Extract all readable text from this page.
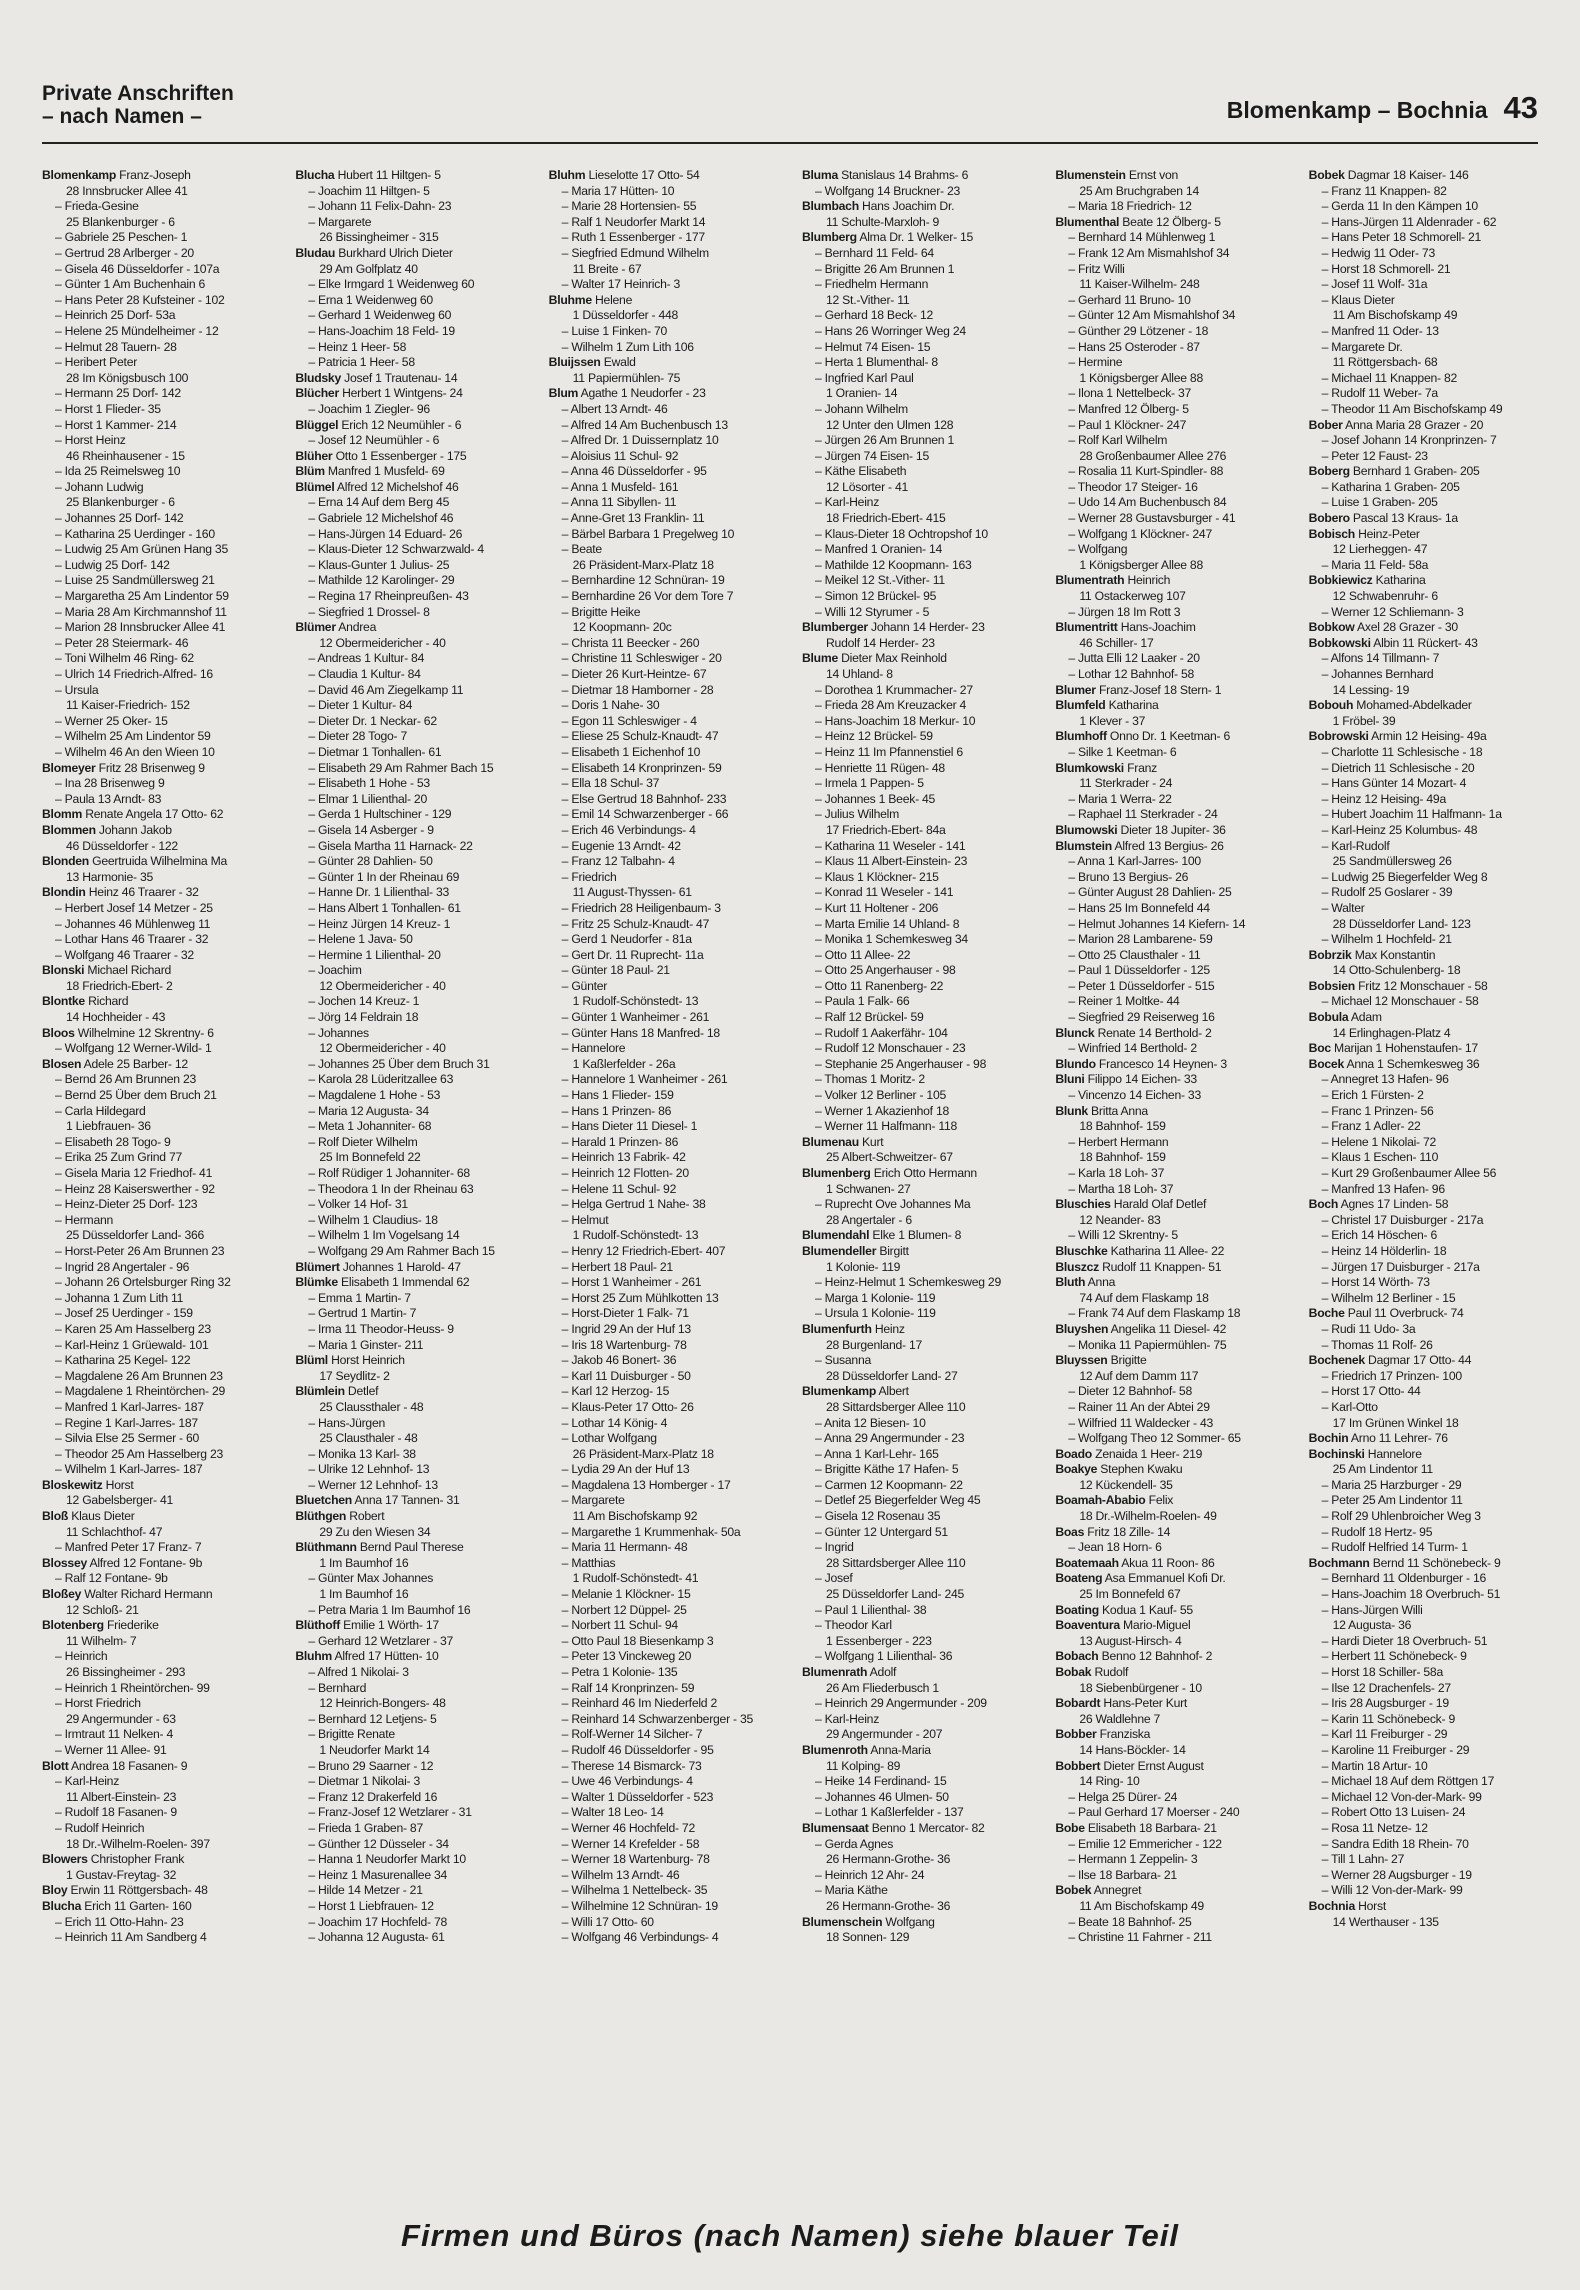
Private Anschriften
– nach Namen –	Blomenkamp – Bochnia 43
Blomenkamp Franz-Joseph
28 Innsbrucker Allee 41
– Frieda-Gesine
25 Blankenburger - 6
– Gabriele 25 Peschen- 1
– Gertrud 28 Arlberger - 20
– Gisela 46 Düsseldorfer - 107a
– Günter 1 Am Buchenhain 6
– Hans Peter 28 Kufsteiner - 102
– Heinrich 25 Dorf- 53a
– Helene 25 Mündelheimer - 12
– Helmut 28 Tauern- 28
– Heribert Peter
28 Im Königsbusch 100
– Hermann 25 Dorf- 142
– Horst 1 Flieder- 35
– Horst 1 Kammer- 214
– Horst Heinz
46 Rheinhausener - 15
– Ida 25 Reimelsweg 10
– Johann Ludwig
25 Blankenburger - 6
– Johannes 25 Dorf- 142
– Katharina 25 Uerdinger - 160
– Ludwig 25 Am Grünen Hang 35
– Ludwig 25 Dorf- 142
– Luise 25 Sandmüllersweg 21
– Margaretha 25 Am Lindentor 59
– Maria 28 Am Kirchmannshof 11
– Marion 28 Innsbrucker Allee 41
– Peter 28 Steiermark- 46
– Toni Wilhelm 46 Ring- 62
– Ulrich 14 Friedrich-Alfred- 16
– Ursula
11 Kaiser-Friedrich- 152
– Werner 25 Oker- 15
– Wilhelm 25 Am Lindentor 59
– Wilhelm 46 An den Wieen 10
Blomeyer Fritz 28 Brisenweg 9
– Ina 28 Brisenweg 9
– Paula 13 Arndt- 83
Blomm Renate Angela 17 Otto- 62
Blommen Johann Jakob
46 Düsseldorfer - 122
Blonden Geertruida Wilhelmina Ma
13 Harmonie- 35
Blondin Heinz 46 Traarer - 32
– Herbert Josef 14 Metzer - 25
– Johannes 46 Mühlenweg 11
– Lothar Hans 46 Traarer - 32
– Wolfgang 46 Traarer - 32
Blonski Michael Richard
18 Friedrich-Ebert- 2
Blontke Richard
14 Hochheider - 43
Bloos Wilhelmine 12 Skrentny- 6
– Wolfgang 12 Werner-Wild- 1
Blosen Adele 25 Barber- 12
– Bernd 26 Am Brunnen 23
– Bernd 25 Über dem Bruch 21
– Carla Hildegard
1 Liebfrauen- 36
– Elisabeth 28 Togo- 9
– Erika 25 Zum Grind 77
– Gisela Maria 12 Friedhof- 41
– Heinz 28 Kaiserswerther - 92
– Heinz-Dieter 25 Dorf- 123
– Hermann
25 Düsseldorfer Land- 366
– Horst-Peter 26 Am Brunnen 23
– Ingrid 28 Angertaler - 96
– Johann 26 Ortelsburger Ring 32
– Johanna 1 Zum Lith 11
– Josef 25 Uerdinger - 159
– Karen 25 Am Hasselberg 23
– Karl-Heinz 1 Grüewald- 101
– Katharina 25 Kegel- 122
– Magdalene 26 Am Brunnen 23
– Magdalene 1 Rheintörchen- 29
– Manfred 1 Karl-Jarres- 187
– Regine 1 Karl-Jarres- 187
– Silvia Else 25 Sermer - 60
– Theodor 25 Am Hasselberg 23
– Wilhelm 1 Karl-Jarres- 187
Bloskewitz Horst
12 Gabelsberger- 41
Bloß Klaus Dieter
11 Schlachthof- 47
– Manfred Peter 17 Franz- 7
Blossey Alfred 12 Fontane- 9b
– Ralf 12 Fontane- 9b
Bloßey Walter Richard Hermann
12 Schloß- 21
Blotenberg Friederike
11 Wilhelm- 7
– Heinrich
26 Bissingheimer - 293
– Heinrich 1 Rheintörchen- 99
– Horst Friedrich
29 Angermunder - 63
– Irmtraut 11 Nelken- 4
– Werner 11 Allee- 91
Blott Andrea 18 Fasanen- 9
– Karl-Heinz
11 Albert-Einstein- 23
– Rudolf 18 Fasanen- 9
– Rudolf Heinrich
18 Dr.-Wilhelm-Roelen- 397
Blowers Christopher Frank
1 Gustav-Freytag- 32
Bloy Erwin 11 Röttgersbach- 48
Blucha Erich 11 Garten- 160
– Erich 11 Otto-Hahn- 23
– Heinrich 11 Am Sandberg 4
Blucha Hubert 11 Hiltgen- 5
– Joachim 11 Hiltgen- 5
– Johann 11 Felix-Dahn- 23
– Margarete
26 Bissingheimer - 315
Bludau Burkhard Ulrich Dieter
29 Am Golfplatz 40
– Elke Irmgard 1 Weidenweg 60
– Erna 1 Weidenweg 60
– Gerhard 1 Weidenweg 60
– Hans-Joachim 18 Feld- 19
– Heinz 1 Heer- 58
– Patricia 1 Heer- 58
Bludsky Josef 1 Trautenau- 14
Blücher Herbert 1 Wintgens- 24
– Joachim 1 Ziegler- 96
Blüggel Erich 12 Neumühler - 6
– Josef 12 Neumühler - 6
Blüher Otto 1 Essenberger - 175
Blüm Manfred 1 Musfeld- 69
Blümel Alfred 12 Michelshof 46
– Erna 14 Auf dem Berg 45
– Gabriele 12 Michelshof 46
– Hans-Jürgen 14 Eduard- 26
– Klaus-Dieter 12 Schwarzwald- 4
– Klaus-Gunter 1 Julius- 25
– Mathilde 12 Karolinger- 29
– Regina 17 Rheinpreußen- 43
– Siegfried 1 Drossel- 8
Blümer Andrea
12 Obermeidericher - 40
– Andreas 1 Kultur- 84
– Claudia 1 Kultur- 84
– David 46 Am Ziegelkamp 11
– Dieter 1 Kultur- 84
– Dieter Dr. 1 Neckar- 62
– Dieter 28 Togo- 7
– Dietmar 1 Tonhallen- 61
– Elisabeth 29 Am Rahmer Bach 15
– Elisabeth 1 Hohe - 53
– Elmar 1 Lilienthal- 20
– Gerda 1 Hultschiner - 129
– Gisela 14 Asberger - 9
– Gisela Martha 11 Harnack- 22
– Günter 28 Dahlien- 50
– Günter 1 In der Rheinau 69
– Hanne Dr. 1 Lilienthal- 33
– Hans Albert 1 Tonhallen- 61
– Heinz Jürgen 14 Kreuz- 1
– Helene 1 Java- 50
– Hermine 1 Lilienthal- 20
– Joachim
12 Obermeidericher - 40
– Jochen 14 Kreuz- 1
– Jörg 14 Feldrain 18
– Johannes
12 Obermeidericher - 40
– Johannes 25 Über dem Bruch 31
– Karola 28 Lüderitzallee 63
– Magdalene 1 Hohe - 53
– Maria 12 Augusta- 34
– Meta 1 Johanniter- 68
– Rolf Dieter Wilhelm
25 Im Bonnefeld 22
– Rolf Rüdiger 1 Johanniter- 68
– Theodora 1 In der Rheinau 63
– Volker 14 Hof- 31
– Wilhelm 1 Claudius- 18
– Wilhelm 1 Im Vogelsang 14
– Wolfgang 29 Am Rahmer Bach 15
Blümert Johannes 1 Harold- 47
Blümke Elisabeth 1 Immendal 62
– Emma 1 Martin- 7
– Gertrud 1 Martin- 7
– Irma 11 Theodor-Heuss- 9
– Maria 1 Ginster- 211
Blüml Horst Heinrich
17 Seydlitz- 2
Blümlein Detlef
25 Claussthaler - 48
– Hans-Jürgen
25 Clausthaler - 48
– Monika 13 Karl- 38
– Ulrike 12 Lehnhof- 13
– Werner 12 Lehnhof- 13
Bluetchen Anna 17 Tannen- 31
Blüthgen Robert
29 Zu den Wiesen 34
Blüthmann Bernd Paul Therese
1 Im Baumhof 16
– Günter Max Johannes
1 Im Baumhof 16
– Petra Maria 1 Im Baumhof 16
Blüthoff Emilie 1 Wörth- 17
– Gerhard 12 Wetzlarer - 37
Bluhm Alfred 17 Hütten- 10
– Alfred 1 Nikolai- 3
– Bernhard
12 Heinrich-Bongers- 48
– Bernhard 12 Letjens- 5
– Brigitte Renate
1 Neudorfer Markt 14
– Bruno 29 Saarner - 12
– Dietmar 1 Nikolai- 3
– Franz 12 Drakerfeld 16
– Franz-Josef 12 Wetzlarer - 31
– Frieda 1 Graben- 87
– Günther 12 Düsseler - 34
– Hanna 1 Neudorfer Markt 10
– Heinz 1 Masurenallee 34
– Hilde 14 Metzer - 21
– Horst 1 Liebfrauen- 12
– Joachim 17 Hochfeld- 78
– Johanna 12 Augusta- 61
Bluhm Lieselotte 17 Otto- 54
– Maria 17 Hütten- 10
– Marie 28 Hortensien- 55
– Ralf 1 Neudorfer Markt 14
– Ruth 1 Essenberger - 177
– Siegfried Edmund Wilhelm
11 Breite - 67
– Walter 17 Heinrich- 3
Bluhme Helene
1 Düsseldorfer - 448
– Luise 1 Finken- 70
– Wilhelm 1 Zum Lith 106
Bluijssen Ewald
11 Papiermühlen- 75
Blum Agathe 1 Neudorfer - 23
– Albert 13 Arndt- 46
– Alfred 14 Am Buchenbusch 13
– Alfred Dr. 1 Duissernplatz 10
– Aloisius 11 Schul- 92
– Anna 46 Düsseldorfer - 95
– Anna 1 Musfeld- 161
– Anna 11 Sibyllen- 11
– Anne-Gret 13 Franklin- 11
– Bärbel Barbara 1 Pregelweg 10
– Beate
26 Präsident-Marx-Platz 18
– Bernhardine 12 Schnüran- 19
– Bernhardine 26 Vor dem Tore 7
– Brigitte Heike
12 Koopmann- 20c
– Christa 11 Beecker - 260
– Christine 11 Schleswiger - 20
– Dieter 26 Kurt-Heintze- 67
– Dietmar 18 Hamborner - 28
– Doris 1 Nahe- 30
– Egon 11 Schleswiger - 4
– Eliese 25 Schulz-Knaudt- 47
– Elisabeth 1 Eichenhof 10
– Elisabeth 14 Kronprinzen- 59
– Ella 18 Schul- 37
– Else Gertrud 18 Bahnhof- 233
– Emil 14 Schwarzenberger - 66
– Erich 46 Verbindungs- 4
– Eugenie 13 Arndt- 42
– Franz 12 Talbahn- 4
– Friedrich
11 August-Thyssen- 61
– Friedrich 28 Heiligenbaum- 3
– Fritz 25 Schulz-Knaudt- 47
– Gerd 1 Neudorfer - 81a
– Gert Dr. 11 Ruprecht- 11a
– Günter 18 Paul- 21
– Günter
1 Rudolf-Schönstedt- 13
– Günter 1 Wanheimer - 261
– Günter Hans 18 Manfred- 18
– Hannelore
1 Kaßlerfelder - 26a
– Hannelore 1 Wanheimer - 261
– Hans 1 Flieder- 159
– Hans 1 Prinzen- 86
– Hans Dieter 11 Diesel- 1
– Harald 1 Prinzen- 86
– Heinrich 13 Fabrik- 42
– Heinrich 12 Flotten- 20
– Helene 11 Schul- 92
– Helga Gertrud 1 Nahe- 38
– Helmut
1 Rudolf-Schönstedt- 13
– Henry 12 Friedrich-Ebert- 407
– Herbert 18 Paul- 21
– Horst 1 Wanheimer - 261
– Horst 25 Zum Mühlkotten 13
– Horst-Dieter 1 Falk- 71
– Ingrid 29 An der Huf 13
– Iris 18 Wartenburg- 78
– Jakob 46 Bonert- 36
– Karl 11 Duisburger - 50
– Karl 12 Herzog- 15
– Klaus-Peter 17 Otto- 26
– Lothar 14 König- 4
– Lothar Wolfgang
26 Präsident-Marx-Platz 18
– Lydia 29 An der Huf 13
– Magdalena 13 Homberger - 17
– Margarete
11 Am Bischofskamp 92
– Margarethe 1 Krummenhak- 50a
– Maria 11 Hermann- 48
– Matthias
1 Rudolf-Schönstedt- 41
– Melanie 1 Klöckner- 15
– Norbert 12 Düppel- 25
– Norbert 11 Schul- 94
– Otto Paul 18 Biesenkamp 3
– Peter 13 Vinckeweg 20
– Petra 1 Kolonie- 135
– Ralf 14 Kronprinzen- 59
– Reinhard 46 Im Niederfeld 2
– Reinhard 14 Schwarzenberger - 35
– Rolf-Werner 14 Silcher- 7
– Rudolf 46 Düsseldorfer - 95
– Therese 14 Bismarck- 73
– Uwe 46 Verbindungs- 4
– Walter 1 Düsseldorfer - 523
– Walter 18 Leo- 14
– Werner 46 Hochfeld- 72
– Werner 14 Krefelder - 58
– Werner 18 Wartenburg- 78
– Wilhelm 13 Arndt- 46
– Wilhelma 1 Nettelbeck- 35
– Wilhelmine 12 Schnüran- 19
– Willi 17 Otto- 60
– Wolfgang 46 Verbindungs- 4
Bluma Stanislaus 14 Brahms- 6
– Wolfgang 14 Bruckner- 23
Blumbach Hans Joachim Dr.
11 Schulte-Marxloh- 9
Blumberg Alma Dr. 1 Welker- 15
– Bernhard 11 Feld- 64
– Brigitte 26 Am Brunnen 1
– Friedhelm Hermann
12 St.-Vither- 11
– Gerhard 18 Beck- 12
– Hans 26 Worringer Weg 24
– Helmut 74 Eisen- 15
– Herta 1 Blumenthal- 8
– Ingfried Karl Paul
1 Oranien- 14
– Johann Wilhelm
12 Unter den Ulmen 128
– Jürgen 26 Am Brunnen 1
– Jürgen 74 Eisen- 15
– Käthe Elisabeth
12 Lösorter - 41
– Karl-Heinz
18 Friedrich-Ebert- 415
– Klaus-Dieter 18 Ochtropshof 10
– Manfred 1 Oranien- 14
– Mathilde 12 Koopmann- 163
– Meikel 12 St.-Vither- 11
– Simon 12 Brückel- 95
– Willi 12 Styrumer - 5
Blumberger Johann 14 Herder- 23
Rudolf 14 Herder- 23
Blume Dieter Max Reinhold
14 Uhland- 8
– Dorothea 1 Krummacher- 27
– Frieda 28 Am Kreuzacker 4
– Hans-Joachim 18 Merkur- 10
– Heinz 12 Brückel- 59
– Heinz 11 Im Pfannenstiel 6
– Henriette 11 Rügen- 48
– Irmela 1 Pappen- 5
– Johannes 1 Beek- 45
– Julius Wilhelm
17 Friedrich-Ebert- 84a
– Katharina 11 Weseler - 141
– Klaus 11 Albert-Einstein- 23
– Klaus 1 Klöckner- 215
– Konrad 11 Weseler - 141
– Kurt 11 Holtener - 206
– Marta Emilie 14 Uhland- 8
– Monika 1 Schemkesweg 34
– Otto 11 Allee- 22
– Otto 25 Angerhauser - 98
– Otto 11 Ranenberg- 22
– Paula 1 Falk- 66
– Ralf 12 Brückel- 59
– Rudolf 1 Aakerfähr- 104
– Rudolf 12 Monschauer - 23
– Stephanie 25 Angerhauser - 98
– Thomas 1 Moritz- 2
– Volker 12 Berliner - 105
– Werner 1 Akazienhof 18
– Werner 11 Halfmann- 118
Blumenau Kurt
25 Albert-Schweitzer- 67
Blumenberg Erich Otto Hermann
1 Schwanen- 27
– Ruprecht Ove Johannes Ma
28 Angertaler - 6
Blumendahl Elke 1 Blumen- 8
Blumendeller Birgitt
1 Kolonie- 119
– Heinz-Helmut 1 Schemkesweg 29
– Marga 1 Kolonie- 119
– Ursula 1 Kolonie- 119
Blumenfurth Heinz
28 Burgenland- 17
– Susanna
28 Düsseldorfer Land- 27
Blumenkamp Albert
28 Sittardsberger Allee 110
– Anita 12 Biesen- 10
– Anna 29 Angermunder - 23
– Anna 1 Karl-Lehr- 165
– Brigitte Käthe 17 Hafen- 5
– Carmen 12 Koopmann- 22
– Detlef 25 Biegerfelder Weg 45
– Gisela 12 Rosenau 35
– Günter 12 Untergard 51
– Ingrid
28 Sittardsberger Allee 110
– Josef
25 Düsseldorfer Land- 245
– Paul 1 Lilienthal- 38
– Theodor Karl
1 Essenberger - 223
– Wolfgang 1 Lilienthal- 36
Blumenrath Adolf
26 Am Fliederbusch 1
– Heinrich 29 Angermunder - 209
– Karl-Heinz
29 Angermunder - 207
Blumenroth Anna-Maria
11 Kolping- 89
– Heike 14 Ferdinand- 15
– Johannes 46 Ulmen- 50
– Lothar 1 Kaßlerfelder - 137
Blumensaat Benno 1 Mercator- 82
– Gerda Agnes
26 Hermann-Grothe- 36
– Heinrich 12 Ahr- 24
– Maria Käthe
26 Hermann-Grothe- 36
Blumenschein Wolfgang
18 Sonnen- 129
Blumenstein Ernst von
25 Am Bruchgraben 14
– Maria 18 Friedrich- 12
Blumenthal Beate 12 Ölberg- 5
– Bernhard 14 Mühlenweg 1
– Frank 12 Am Mismahlshof 34
– Fritz Willi
11 Kaiser-Wilhelm- 248
– Gerhard 11 Bruno- 10
– Günter 12 Am Mismahlshof 34
– Günther 29 Lötzener - 18
– Hans 25 Osteroder - 87
– Hermine
1 Königsberger Allee 88
– Ilona 1 Nettelbeck- 37
– Manfred 12 Ölberg- 5
– Paul 1 Klöckner- 247
– Rolf Karl Wilhelm
28 Großenbaumer Allee 276
– Rosalia 11 Kurt-Spindler- 88
– Theodor 17 Steiger- 16
– Udo 14 Am Buchenbusch 84
– Werner 28 Gustavsburger - 41
– Wolfgang 1 Klöckner- 247
– Wolfgang
1 Königsberger Allee 88
Blumentrath Heinrich
11 Ostackerweg 107
– Jürgen 18 Im Rott 3
Blumentritt Hans-Joachim
46 Schiller- 17
– Jutta Elli 12 Laaker - 20
– Lothar 12 Bahnhof- 58
Blumer Franz-Josef 18 Stern- 1
Blumfeld Katharina
1 Klever - 37
Blumhoff Onno Dr. 1 Keetman- 6
– Silke 1 Keetman- 6
Blumkowski Franz
11 Sterkrader - 24
– Maria 1 Werra- 22
– Raphael 11 Sterkrader - 24
Blumowski Dieter 18 Jupiter- 36
Blumstein Alfred 13 Bergius- 26
– Anna 1 Karl-Jarres- 100
– Bruno 13 Bergius- 26
– Günter August 28 Dahlien- 25
– Hans 25 Im Bonnefeld 44
– Helmut Johannes 14 Kiefern- 14
– Marion 28 Lambarene- 59
– Otto 25 Clausthaler - 11
– Paul 1 Düsseldorfer - 125
– Peter 1 Düsseldorfer - 515
– Reiner 1 Moltke- 44
– Siegfried 29 Reiserweg 16
Blunck Renate 14 Berthold- 2
– Winfried 14 Berthold- 2
Blundo Francesco 14 Heynen- 3
Bluni Filippo 14 Eichen- 33
– Vincenzo 14 Eichen- 33
Blunk Britta Anna
18 Bahnhof- 159
– Herbert Hermann
18 Bahnhof- 159
– Karla 18 Loh- 37
– Martha 18 Loh- 37
Bluschies Harald Olaf Detlef
12 Neander- 83
– Willi 12 Skrentny- 5
Bluschke Katharina 11 Allee- 22
Bluszcz Rudolf 11 Knappen- 51
Bluth Anna
74 Auf dem Flaskamp 18
– Frank 74 Auf dem Flaskamp 18
Bluyshen Angelika 11 Diesel- 42
– Monika 11 Papiermühlen- 75
Bluyssen Brigitte
12 Auf dem Damm 117
– Dieter 12 Bahnhof- 58
– Rainer 11 An der Abtei 29
– Wilfried 11 Waldecker - 43
– Wolfgang Theo 12 Sommer- 65
Boado Zenaida 1 Heer- 219
Boakye Stephen Kwaku
12 Kückendell- 35
Boamah-Ababio Felix
18 Dr.-Wilhelm-Roelen- 49
Boas Fritz 18 Zille- 14
– Jean 18 Horn- 6
Boatemaah Akua 11 Roon- 86
Boateng Asa Emmanuel Kofi Dr.
25 Im Bonnefeld 67
Boating Kodua 1 Kauf- 55
Boaventura Mario-Miguel
13 August-Hirsch- 4
Bobach Benno 12 Bahnhof- 2
Bobak Rudolf
18 Siebenbürgener - 10
Bobardt Hans-Peter Kurt
26 Waldlehne 7
Bobber Franziska
14 Hans-Böckler- 14
Bobbert Dieter Ernst August
14 Ring- 10
– Helga 25 Dürer- 24
– Paul Gerhard 17 Moerser - 240
Bobe Elisabeth 18 Barbara- 21
– Emilie 12 Emmericher - 122
– Hermann 1 Zeppelin- 3
– Ilse 18 Barbara- 21
Bobek Annegret
11 Am Bischofskamp 49
– Beate 18 Bahnhof- 25
– Christine 11 Fahrner - 211
Bobek Dagmar 18 Kaiser- 146
– Franz 11 Knappen- 82
– Gerda 11 In den Kämpen 10
– Hans-Jürgen 11 Aldenrader - 62
– Hans Peter 18 Schmorell- 21
– Hedwig 11 Oder- 73
– Horst 18 Schmorell- 21
– Josef 11 Wolf- 31a
– Klaus Dieter
11 Am Bischofskamp 49
– Manfred 11 Oder- 13
– Margarete Dr.
11 Röttgersbach- 68
– Michael 11 Knappen- 82
– Rudolf 11 Weber- 7a
– Theodor 11 Am Bischofskamp 49
Bober Anna Maria 28 Grazer - 20
– Josef Johann 14 Kronprinzen- 7
– Peter 12 Faust- 23
Boberg Bernhard 1 Graben- 205
– Katharina 1 Graben- 205
– Luise 1 Graben- 205
Bobero Pascal 13 Kraus- 1a
Bobisch Heinz-Peter
12 Lierheggen- 47
– Maria 11 Feld- 58a
Bobkiewicz Katharina
12 Schwabenruhr- 6
– Werner 12 Schliemann- 3
Bobkow Axel 28 Grazer - 30
Bobkowski Albin 11 Rückert- 43
– Alfons 14 Tillmann- 7
– Johannes Bernhard
14 Lessing- 19
Bobouh Mohamed-Abdelkader
1 Fröbel- 39
Bobrowski Armin 12 Heising- 49a
– Charlotte 11 Schlesische - 18
– Dietrich 11 Schlesische - 20
– Hans Günter 14 Mozart- 4
– Heinz 12 Heising- 49a
– Hubert Joachim 11 Halfmann- 1a
– Karl-Heinz 25 Kolumbus- 48
– Karl-Rudolf
25 Sandmüllersweg 26
– Ludwig 25 Biegerfelder Weg 8
– Rudolf 25 Goslarer - 39
– Walter
28 Düsseldorfer Land- 123
– Wilhelm 1 Hochfeld- 21
Bobrzik Max Konstantin
14 Otto-Schulenberg- 18
Bobsien Fritz 12 Monschauer - 58
– Michael 12 Monschauer - 58
Bobula Adam
14 Erlinghagen-Platz 4
Boc Marijan 1 Hohenstaufen- 17
Bocek Anna 1 Schemkesweg 36
– Annegret 13 Hafen- 96
– Erich 1 Fürsten- 2
– Franc 1 Prinzen- 56
– Franz 1 Adler- 22
– Helene 1 Nikolai- 72
– Klaus 1 Eschen- 110
– Kurt 29 Großenbaumer Allee 56
– Manfred 13 Hafen- 96
Boch Agnes 17 Linden- 58
– Christel 17 Duisburger - 217a
– Erich 14 Höschen- 6
– Heinz 14 Hölderlin- 18
– Jürgen 17 Duisburger - 217a
– Horst 14 Wörth- 73
– Wilhelm 12 Berliner - 15
Boche Paul 11 Overbruck- 74
– Rudi 11 Udo- 3a
– Thomas 11 Rolf- 26
Bochenek Dagmar 17 Otto- 44
– Friedrich 17 Prinzen- 100
– Horst 17 Otto- 44
– Karl-Otto
17 Im Grünen Winkel 18
Bochin Arno 11 Lehrer- 76
Bochinski Hannelore
25 Am Lindentor 11
– Maria 25 Harzburger - 29
– Peter 25 Am Lindentor 11
– Rolf 29 Uhlenbroicher Weg 3
– Rudolf 18 Hertz- 95
– Rudolf Helfried 14 Turm- 1
Bochmann Bernd 11 Schönebeck- 9
– Bernhard 11 Oldenburger - 16
– Hans-Joachim 18 Overbruch- 51
– Hans-Jürgen Willi
12 Augusta- 36
– Hardi Dieter 18 Overbruch- 51
– Herbert 11 Schönebeck- 9
– Horst 18 Schiller- 58a
– Ilse 12 Drachenfels- 27
– Iris 28 Augsburger - 19
– Karin 11 Schönebeck- 9
– Karl 11 Freiburger - 29
– Karoline 11 Freiburger - 29
– Martin 18 Artur- 10
– Michael 18 Auf dem Röttgen 17
– Michael 12 Von-der-Mark- 99
– Robert Otto 13 Luisen- 24
– Rosa 11 Netze- 12
– Sandra Edith 18 Rhein- 70
– Till 1 Lahn- 27
– Werner 28 Augsburger - 19
– Willi 12 Von-der-Mark- 99
Bochnia Horst
14 Werthauser - 135
Firmen und Büros (nach Namen) siehe blauer Teil
